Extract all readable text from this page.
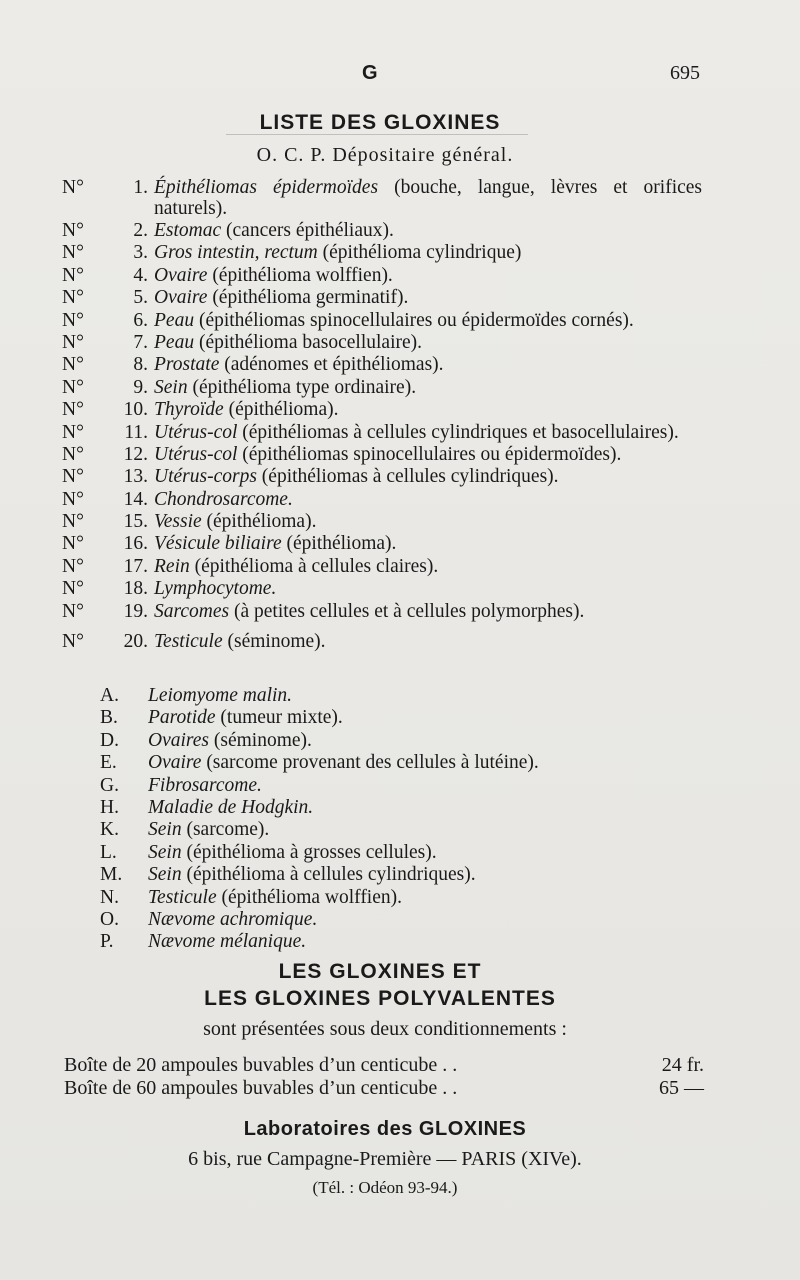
G	695
LISTE DES GLOXINES
O. C. P. Dépositaire général.
N°	1. Épithéliomas épidermoïdes (bouche, langue, lèvres et orifices naturels).
N°	2. Estomac (cancers épithéliaux).
N°	3. Gros intestin, rectum (épithélioma cylindrique)
N°	4. Ovaire (épithélioma wolffien).
N°	5. Ovaire (épithélioma germinatif).
N°	6. Peau (épithéliomas spinocellulaires ou épidermoïdes cornés).
N°	7. Peau (épithélioma basocellulaire).
N°	8. Prostate (adénomes et épithéliomas).
N°	9. Sein (épithélioma type ordinaire).
N°	10. Thyroïde (épithélioma).
N°	11. Utérus-col (épithéliomas à cellules cylindriques et basocellulaires).
N°	12. Utérus-col (épithéliomas spinocellulaires ou épidermoïdes).
N°	13. Utérus-corps (épithéliomas à cellules cylindriques).
N°	14. Chondrosarcome.
N°	15. Vessie (épithélioma).
N°	16. Vésicule biliaire (épithélioma).
N°	17. Rein (épithélioma à cellules claires).
N°	18. Lymphocytome.
N°	19. Sarcomes (à petites cellules et à cellules polymorphes).
N°	20. Testicule (séminome).
A.	Leiomyome malin.
B.	Parotide (tumeur mixte).
D.	Ovaires (séminome).
E.	Ovaire (sarcome provenant des cellules à lutéine).
G.	Fibrosarcome.
H.	Maladie de Hodgkin.
K.	Sein (sarcome).
L.	Sein (épithélioma à grosses cellules).
M.	Sein (épithélioma à cellules cylindriques).
N.	Testicule (épithélioma wolffien).
O.	Nævome achromique.
P.	Nævome mélanique.
LES GLOXINES ET
LES GLOXINES POLYVALENTES
sont présentées sous deux conditionnements :
Boîte de 20 ampoules buvables d’un centicube . .	24 fr.
Boîte de 60 ampoules buvables d’un centicube . .	65 —
Laboratoires des GLOXINES
6 bis, rue Campagne-Première — PARIS (XIVe).
(Tél. : Odéon 93-94.)
